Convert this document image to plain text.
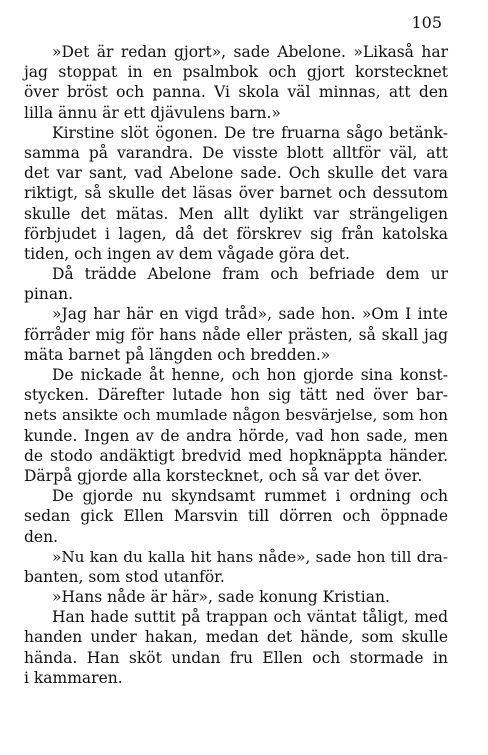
105
»Det är redan gjort», sade Abelone. »Likaså har
jag stoppat in en psalmbok och gjort korstecknet
över bröst och panna. Vi skola väl minnas, att den
lilla ännu är ett djävulens barn.»
Kirstine slöt ögonen. De tre fruarna sågo betänk-
samma på varandra. De visste blott alltför väl, att
det var sant, vad Abelone sade. Och skulle det vara
riktigt, så skulle det läsas över barnet och dessutom
skulle det mätas. Men allt dylikt var strängeligen
förbjudet i lagen, då det förskrev sig från katolska
tiden, och ingen av dem vågade göra det.
Då trädde Abelone fram och befriade dem ur
pinan.
»Jag har här en vigd tråd», sade hon. »Om I inte
förråder mig för hans nåde eller prästen, så skall jag
mäta barnet på längden och bredden.»
De nickade åt henne, och hon gjorde sina konst-
stycken. Därefter lutade hon sig tätt ned över bar-
nets ansikte och mumlade någon besvärjelse, som hon
kunde. Ingen av de andra hörde, vad hon sade, men
de stodo andäktigt bredvid med hopknäppta händer.
Därpå gjorde alla korstecknet, och så var det över.
De gjorde nu skyndsamt rummet i ordning och
sedan gick Ellen Marsvin till dörren och öppnade
den.
»Nu kan du kalla hit hans nåde», sade hon till dra-
banten, som stod utanför.
»Hans nåde är här», sade konung Kristian.
Han hade suttit på trappan och väntat tåligt, med
handen under hakan, medan det hände, som skulle
hända. Han sköt undan fru Ellen och stormade in
i kammaren.
